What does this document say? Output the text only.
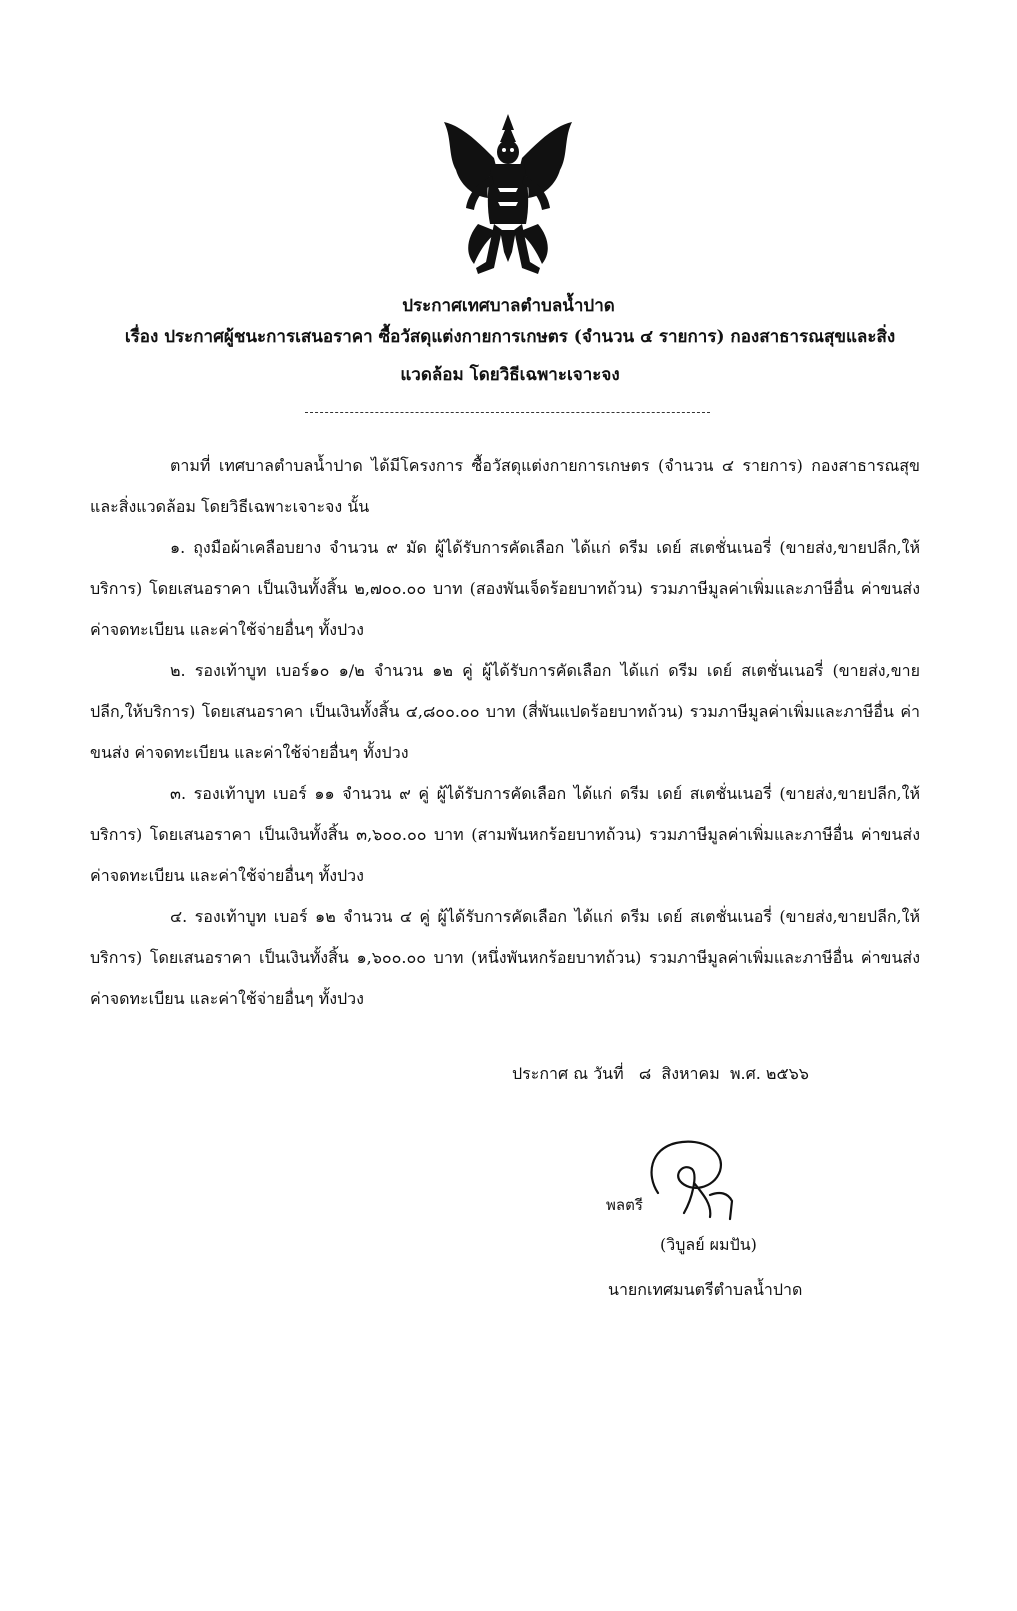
ประกาศเทศบาลตำบลน้ำปาด
เรื่อง ประกาศผู้ชนะการเสนอราคา ซื้อวัสดุแต่งกายการเกษตร (จำนวน ๔ รายการ) กองสาธารณสุขและสิ่ง
แวดล้อม โดยวิธีเฉพาะเจาะจง
ตามที่ เทศบาลตำบลน้ำปาด ได้มีโครงการ ซื้อวัสดุแต่งกายการเกษตร (จำนวน ๔ รายการ) กองสาธารณสุขและสิ่งแวดล้อม โดยวิธีเฉพาะเจาะจง นั้น
๑. ถุงมือผ้าเคลือบยาง จำนวน ๙ มัด ผู้ได้รับการคัดเลือก ได้แก่ ดรีม เดย์ สเตชั่นเนอรี่ (ขายส่ง,ขายปลีก,ให้บริการ) โดยเสนอราคา เป็นเงินทั้งสิ้น ๒,๗๐๐.๐๐ บาท (สองพันเจ็ดร้อยบาทถ้วน) รวมภาษีมูลค่าเพิ่มและภาษีอื่น ค่าขนส่ง ค่าจดทะเบียน และค่าใช้จ่ายอื่นๆ ทั้งปวง
๒. รองเท้าบูท เบอร์๑๐ ๑/๒ จำนวน ๑๒ คู่ ผู้ได้รับการคัดเลือก ได้แก่ ดรีม เดย์ สเตชั่นเนอรี่ (ขายส่ง,ขายปลีก,ให้บริการ) โดยเสนอราคา เป็นเงินทั้งสิ้น ๔,๘๐๐.๐๐ บาท (สี่พันแปดร้อยบาทถ้วน) รวมภาษีมูลค่าเพิ่มและภาษีอื่น ค่าขนส่ง ค่าจดทะเบียน และค่าใช้จ่ายอื่นๆ ทั้งปวง
๓. รองเท้าบูท เบอร์ ๑๑ จำนวน ๙ คู่ ผู้ได้รับการคัดเลือก ได้แก่ ดรีม เดย์ สเตชั่นเนอรี่ (ขายส่ง,ขายปลีก,ให้บริการ) โดยเสนอราคา เป็นเงินทั้งสิ้น ๓,๖๐๐.๐๐ บาท (สามพันหกร้อยบาทถ้วน) รวมภาษีมูลค่าเพิ่มและภาษีอื่น ค่าขนส่ง ค่าจดทะเบียน และค่าใช้จ่ายอื่นๆ ทั้งปวง
๔. รองเท้าบูท เบอร์ ๑๒ จำนวน ๔ คู่ ผู้ได้รับการคัดเลือก ได้แก่ ดรีม เดย์ สเตชั่นเนอรี่ (ขายส่ง,ขายปลีก,ให้บริการ) โดยเสนอราคา เป็นเงินทั้งสิ้น ๑,๖๐๐.๐๐ บาท (หนึ่งพันหกร้อยบาทถ้วน) รวมภาษีมูลค่าเพิ่มและภาษีอื่น ค่าขนส่ง ค่าจดทะเบียน และค่าใช้จ่ายอื่นๆ ทั้งปวง
ประกาศ ณ วันที่   ๘  สิงหาคม  พ.ศ. ๒๕๖๖
พลตรี
(วิบูลย์ ผมปัน)
นายกเทศมนตรีตำบลน้ำปาด
